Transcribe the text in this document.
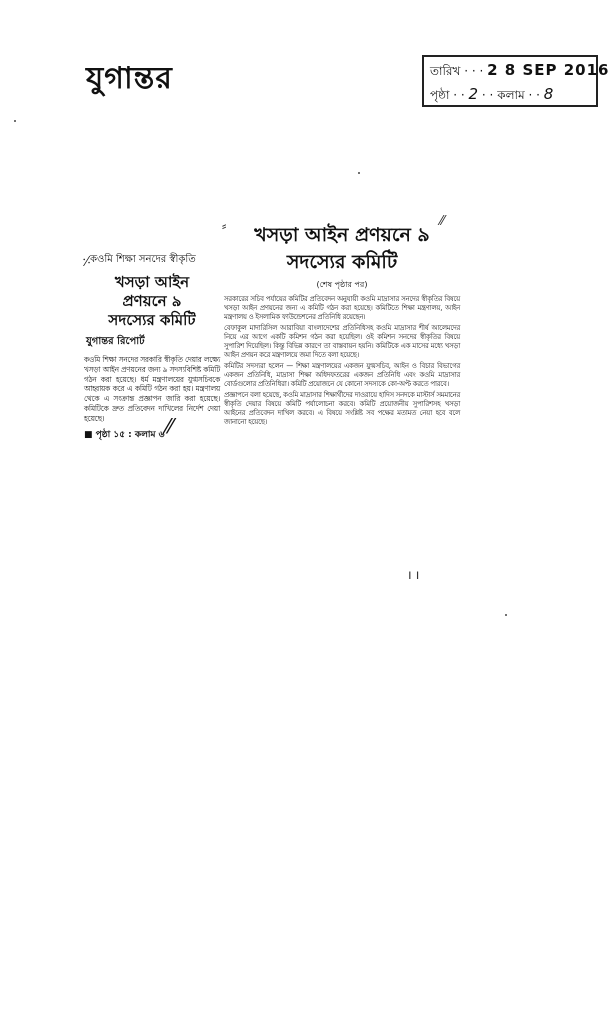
যুগান্তর	তারিখ · · · 2 8 SEP 2016
পৃষ্ঠা · · 2 · · কলাম · · 8
কওমি শিক্ষা সনদের স্বীকৃতি
খসড়া আইন
প্রণয়নে ৯
সদস্যের কমিটি
যুগান্তর রিপোর্ট
কওমি শিক্ষা সনদের সরকারি স্বীকৃতি দেয়ার লক্ষ্যে খসড়া আইন প্রণয়নের জন্য ৯ সদস্যবিশিষ্ট কমিটি গঠন করা হয়েছে। ধর্ম মন্ত্রণালয়ের যুগ্মসচিবকে আহ্বায়ক করে এ কমিটি গঠন করা হয়। মন্ত্রণালয় থেকে এ সংক্রান্ত প্রজ্ঞাপন জারি করা হয়েছে। কমিটিকে দ্রুত প্রতিবেদন দাখিলের নির্দেশ দেয়া হয়েছে।
■ পৃষ্ঠা ১৫ : কলাম ৬ ⁄⁄
⸓
⸗	⁄⁄
খসড়া আইন প্রণয়নে ৯
সদস্যের কমিটি
(শেষ পৃষ্ঠার পর)

সরকারের সচিব পর্যায়ের কমিটির প্রতিবেদন অনুযায়ী কওমি মাদ্রাসার সনদের স্বীকৃতির বিষয়ে খসড়া আইন প্রণয়নের জন্য এ কমিটি গঠন করা হয়েছে। কমিটিতে শিক্ষা মন্ত্রণালয়, আইন মন্ত্রণালয় ও ইসলামিক ফাউন্ডেশনের প্রতিনিধি রয়েছেন।

বেফাকুল মাদারিসিল আরাবিয়া বাংলাদেশের প্রতিনিধিসহ কওমি মাদ্রাসার শীর্ষ আলেমদের নিয়ে এর আগে একটি কমিশন গঠন করা হয়েছিল। ওই কমিশন সনদের স্বীকৃতির বিষয়ে সুপারিশ দিয়েছিল। কিন্তু বিভিন্ন কারণে তা বাস্তবায়ন হয়নি। কমিটিকে এক মাসের মধ্যে খসড়া আইন প্রণয়ন করে মন্ত্রণালয়ে জমা দিতে বলা হয়েছে।

কমিটির সদস্যরা হলেন — শিক্ষা মন্ত্রণালয়ের একজন যুগ্মসচিব, আইন ও বিচার বিভাগের একজন প্রতিনিধি, মাদ্রাসা শিক্ষা অধিদফতরের একজন প্রতিনিধি এবং কওমি মাদ্রাসার বোর্ডগুলোর প্রতিনিধিরা। কমিটি প্রয়োজনে যে কোনো সদস্যকে কো-অপ্ট করতে পারবে।

প্রজ্ঞাপনে বলা হয়েছে, কওমি মাদ্রাসার শিক্ষার্থীদের দাওরায়ে হাদিস সনদকে মাস্টার্স সমমানের স্বীকৃতি দেয়ার বিষয়ে কমিটি পর্যালোচনা করবে। কমিটি প্রয়োজনীয় সুপারিশসহ খসড়া আইনের প্রতিবেদন দাখিল করবে। এ বিষয়ে সংশ্লিষ্ট সব পক্ষের মতামত নেয়া হবে বলে জানানো হয়েছে।

ı ı
